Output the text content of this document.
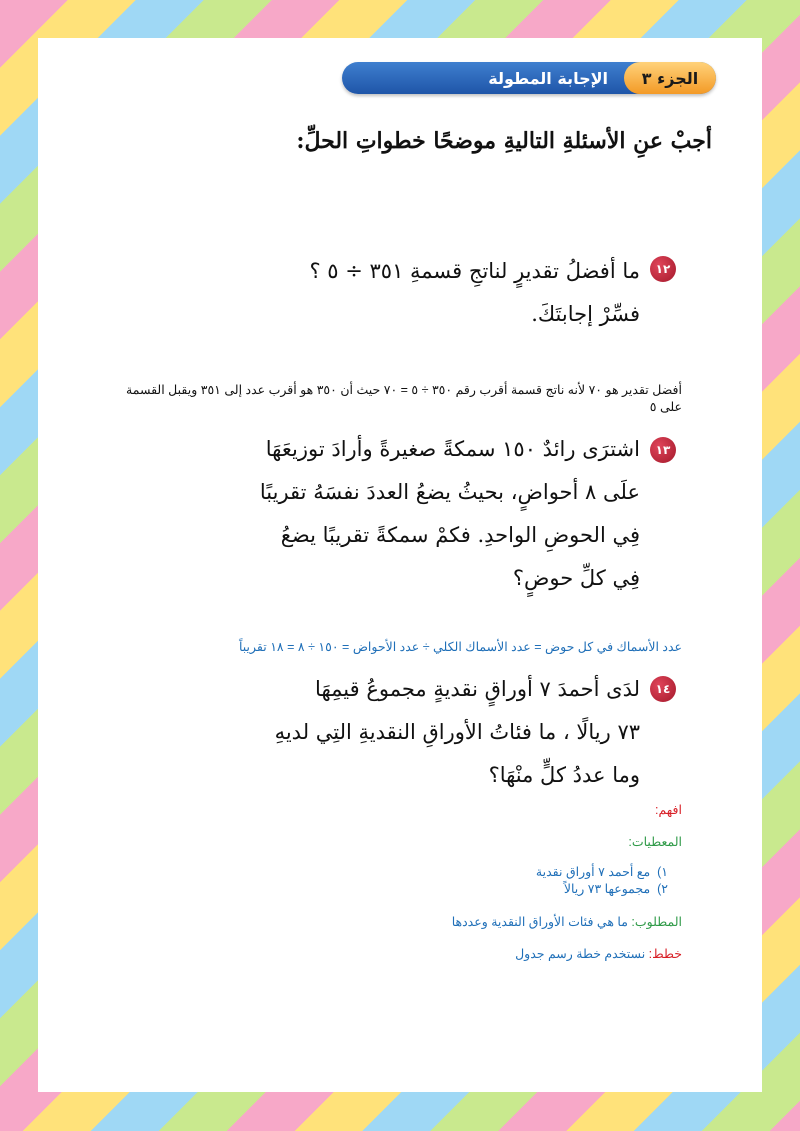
الجزء ٣
الإجابة المطولة
أجبْ عنِ الأسئلةِ التاليةِ موضحًا خطواتِ الحلِّ:
١٢
ما أفضلُ تقديرٍ لناتجِ قسمةِ ٣٥١ ÷ ٥ ؟
فسِّرْ إجابتَكَ.
أفضل تقدير هو ٧٠ لأنه ناتج قسمة أقرب رقم ٣٥٠ ÷ ٥ = ٧٠ حيث أن ٣٥٠ هو أقرب عدد إلى ٣٥١ ويقبل القسمة على ٥
١٣
اشترَى رائدٌ ١٥٠ سمكةً صغيرةً وأرادَ توزيعَهَا
علَى ٨ أحواضٍ، بحيثُ يضعُ العددَ نفسَهُ تقريبًا
فِي الحوضِ الواحدِ. فكمْ سمكةً تقريبًا يضعُ
فِي كلِّ حوضٍ؟
عدد الأسماك في كل حوض = عدد الأسماك الكلي ÷ عدد الأحواض = ١٥٠ ÷ ٨ = ١٨ تقريباً
١٤
لدَى أحمدَ ٧ أوراقٍ نقديةٍ مجموعُ قيمِهَا
٧٣ ريالًا ، ما فئاتُ الأوراقِ النقديةِ التِي لديهِ
وما عددُ كلٍّ منْهَا؟
افهم:
المعطيات:
١)  مع أحمد ٧ أوراق نقدية
٢)  مجموعها ٧٣ ريالاً
المطلوب: ما هي فئات الأوراق النقدية وعددها
خطط: نستخدم خطة رسم جدول
